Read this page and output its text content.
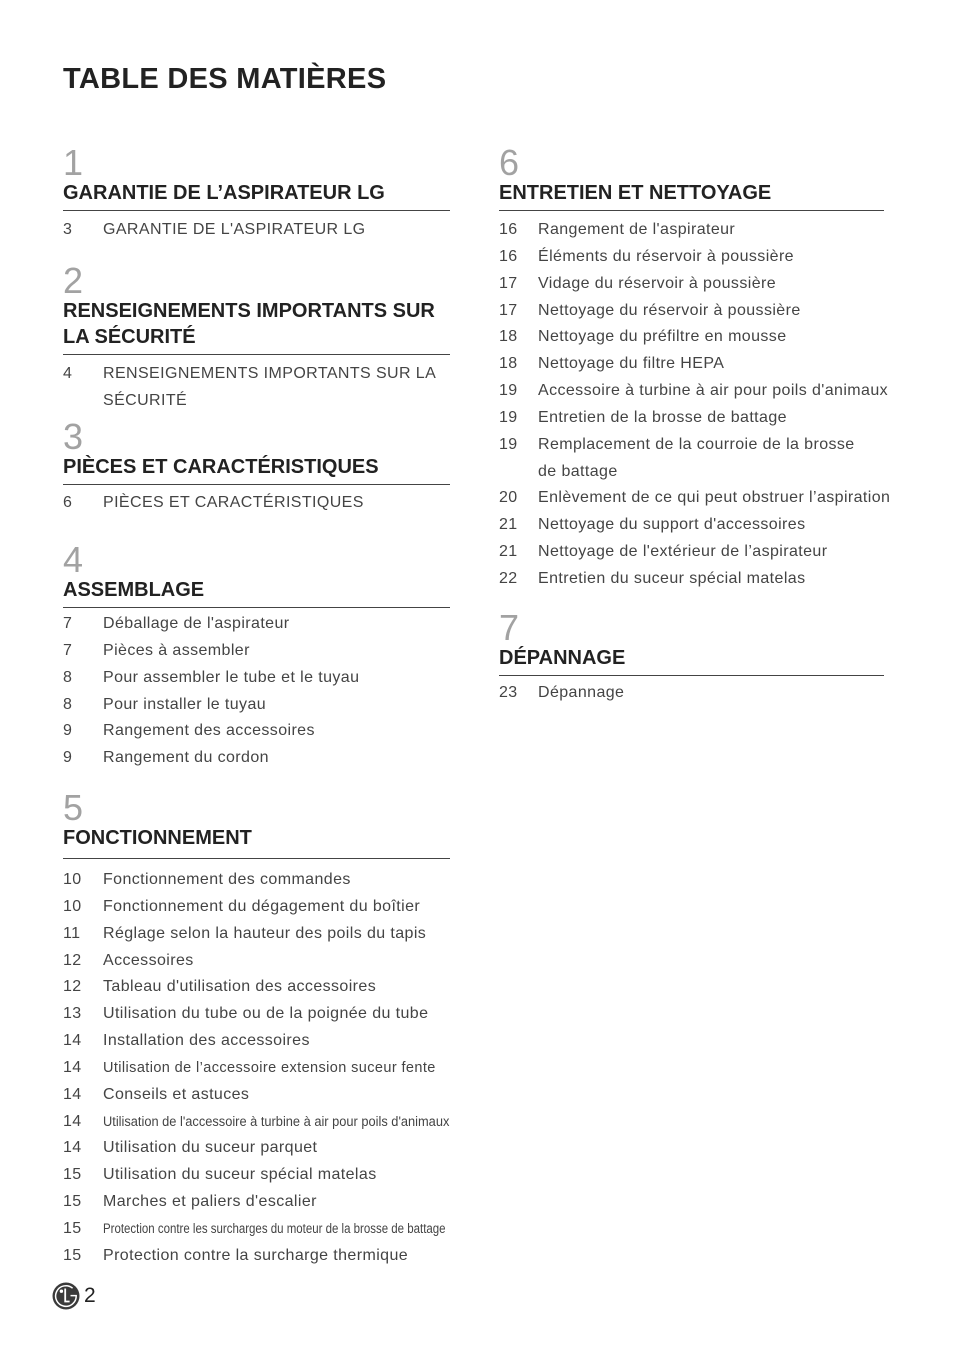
TABLE DES MATIÈRES
1
GARANTIE DE L’ASPIRATEUR LG
3	GARANTIE DE L'ASPIRATEUR LG
2
RENSEIGNEMENTS IMPORTANTS SUR LA SÉCURITÉ
4	RENSEIGNEMENTS IMPORTANTS SUR LA SÉCURITÉ
3
PIÈCES ET CARACTÉRISTIQUES
6	PIÈCES ET CARACTÉRISTIQUES
4
ASSEMBLAGE
7	Déballage de l'aspirateur
7	Pièces à assembler
8	Pour assembler le tube et le tuyau
8	Pour installer le tuyau
9	Rangement des accessoires
9	Rangement du cordon
5
FONCTIONNEMENT
10	Fonctionnement des commandes
10	Fonctionnement du dégagement du boîtier
11	Réglage selon la hauteur des poils du tapis
12	Accessoires
12	Tableau d'utilisation des accessoires
13	Utilisation du tube ou de la poignée du tube
14	Installation des accessoires
14	Utilisation de l’accessoire extension suceur fente
14	Conseils et astuces
14	Utilisation de l'accessoire à turbine à air pour poils d'animaux
14	Utilisation du suceur parquet
15	Utilisation du suceur spécial matelas
15	Marches et paliers d'escalier
15	Protection contre les surcharges du moteur de la brosse de battage
15	Protection contre la surcharge thermique
6
ENTRETIEN ET NETTOYAGE
16	Rangement de l'aspirateur
16	Éléments du réservoir à poussière
17	Vidage du réservoir à poussière
17	Nettoyage du réservoir à poussière
18	Nettoyage du préfiltre en mousse
18	Nettoyage du filtre HEPA
19	Accessoire à turbine à air pour poils d'animaux
19	Entretien de la brosse de battage
19	Remplacement de la courroie de la brosse de battage
20	Enlèvement de ce qui peut obstruer l’aspiration
21	Nettoyage du support d'accessoires
21	Nettoyage de l'extérieur de l’aspirateur
22	Entretien du suceur spécial matelas
7
DÉPANNAGE
23	Dépannage
2
